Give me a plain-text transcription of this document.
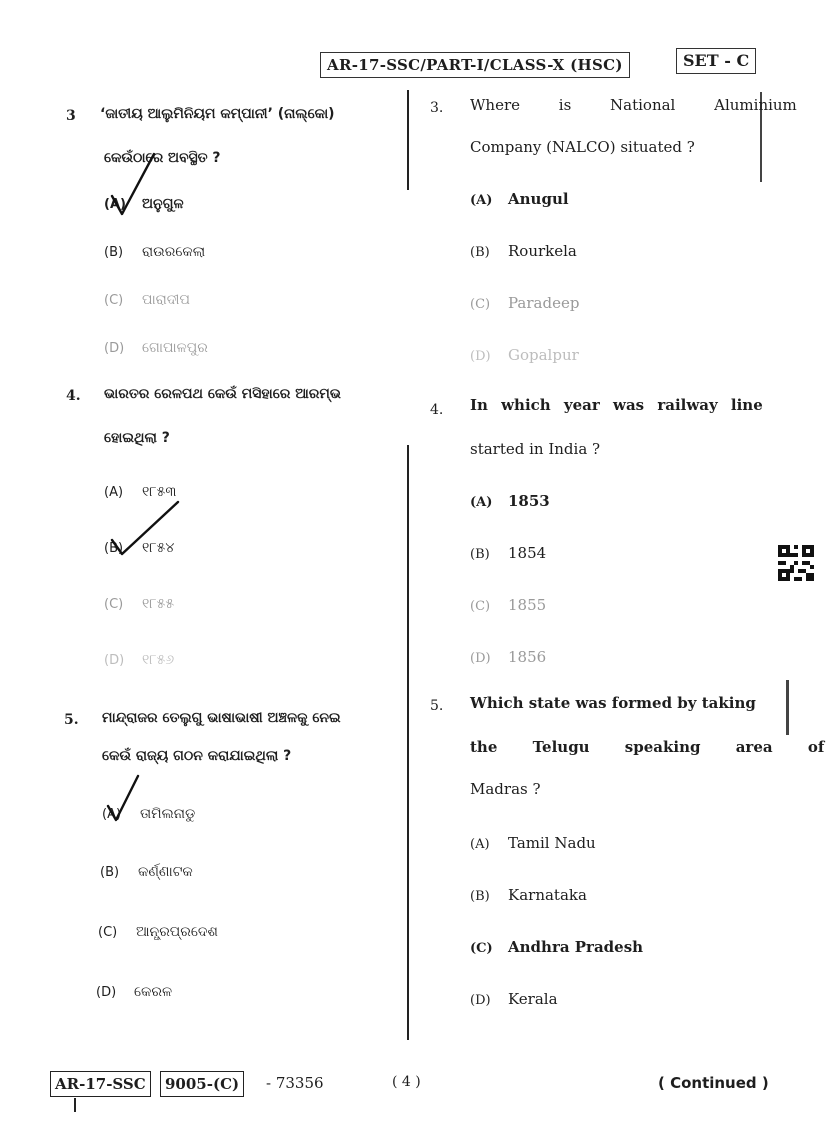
AR-17-SSC/PART-I/CLASS-X (HSC)	SET - C
3 ‘ଜାତୀୟ ଆଲୁମିନିୟମ କମ୍ପାନୀ’ (ନାଲ୍‌କୋ)
କେଉଁଠାରେ ଅବସ୍ଥିତ ?
(A) ଅନୁଗୁଳ
(B) ରାଉରକେଲା
(C) ପାରାଦୀପ
(D) ଗୋପାଳପୁର
4. ଭାରତର ରେଳପଥ କେଉଁ ମସିହାରେ ଆରମ୍ଭ
ହୋଇଥିଲା ?
(A) ୧୮୫୩
(B) ୧୮୫୪
(C) ୧୮୫୫
(D) ୧୮୫୬
5. ମାନ୍ଦ୍ରାଜର ତେଲୁଗୁ ଭାଷାଭାଷୀ ଅଞ୍ଚଳକୁ ନେଇ
କେଉଁ ରାଜ୍ୟ ଗଠନ କରାଯାଇଥିଲା ?
(A) ତାମିଲନାଡୁ
(B) କର୍ଣ୍ଣାଟକ
(C) ଆନ୍ଧ୍ରପ୍ରଦେଶ
(D) କେରଳ
3. Where is National Aluminium
Company (NALCO) situated ?
(A) Anugul
(B) Rourkela
(C) Paradeep
(D) Gopalpur
4. In which year was railway line
started in India ?
(A) 1853
(B) 1854
(C) 1855
(D) 1856
5. Which state was formed by taking
the Telugu speaking area of
Madras ?
(A) Tamil Nadu
(B) Karnataka
(C) Andhra Pradesh
(D) Kerala
AR-17-SSC	9005-(C)	- 73356	( 4 )	( Continued )
